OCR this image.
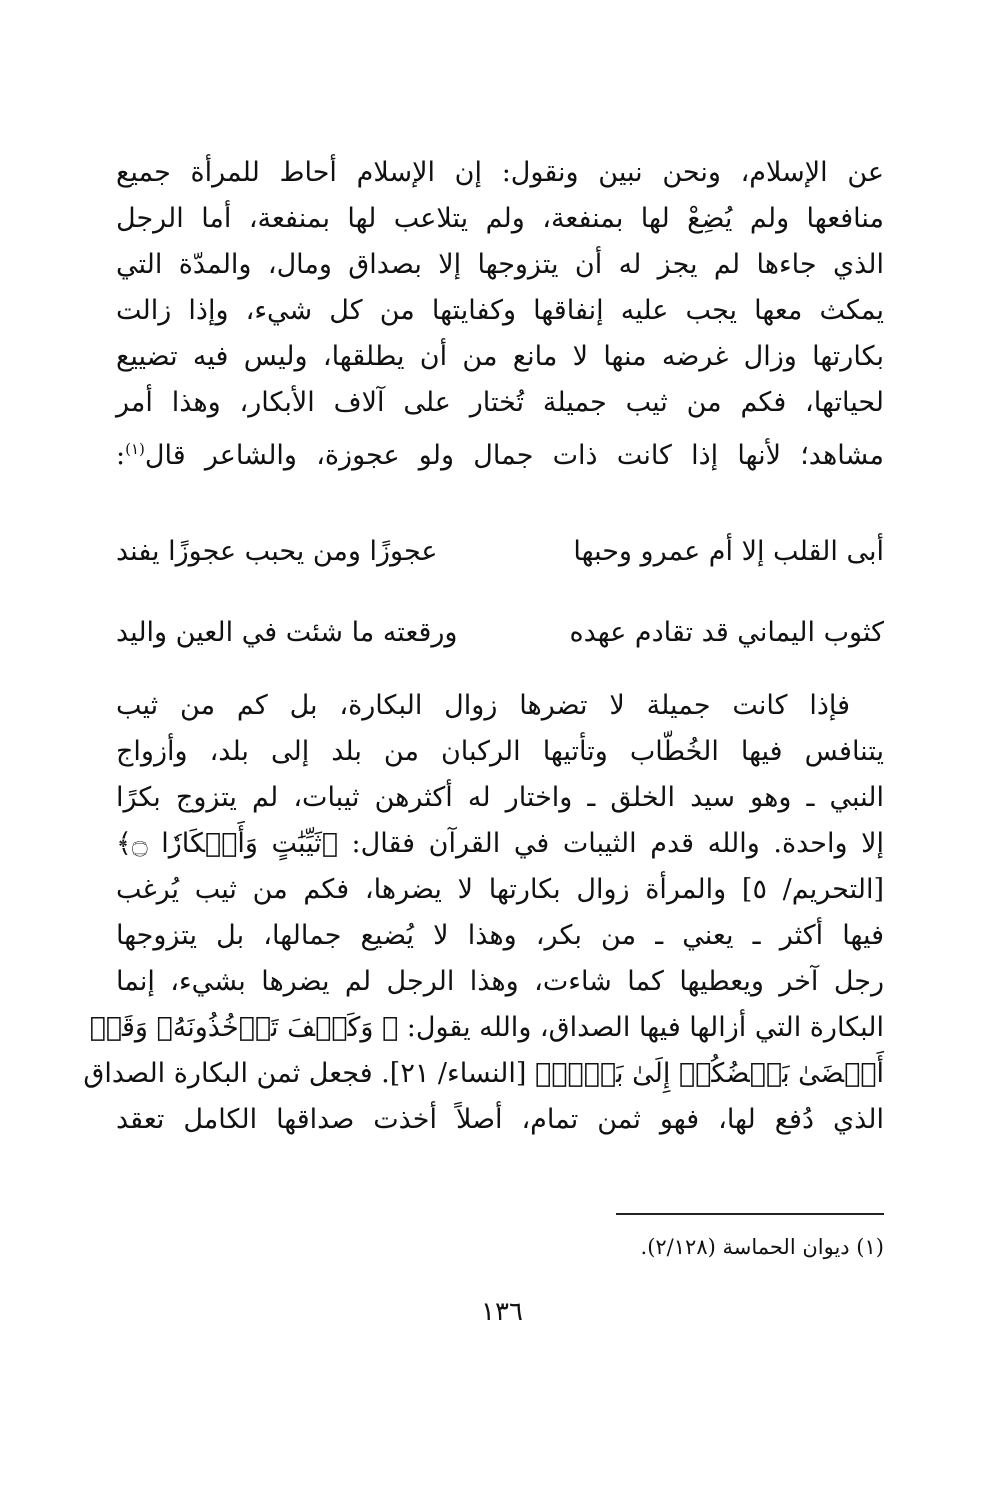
عن الإسلام، ونحن نبين ونقول: إن الإسلام أحاط للمرأة جميع
منافعها ولم يُضِعْ لها بمنفعة، ولم يتلاعب لها بمنفعة، أما الرجل
الذي جاءها لم يجز له أن يتزوجها إلا بصداق ومال، والمدّة التي
يمكث معها يجب عليه إنفاقها وكفايتها من كل شيء، وإذا زالت
بكارتها وزال غرضه منها لا مانع من أن يطلقها، وليس فيه تضييع
لحياتها، فكم من ثيب جميلة تُختار على آلاف الأبكار، وهذا أمر
مشاهد؛ لأنها إذا كانت ذات جمال ولو عجوزة، والشاعر قال$^{(١)}$:
أبى القلب إلا أم عمرو وحبها
عجوزًا ومن يحبب عجوزًا يفند
كثوب اليماني قد تقادم عهده
ورقعته ما شئت في العين واليد
فإذا كانت جميلة لا تضرها زوال البكارة، بل كم من ثيب
يتنافس فيها الخُطّاب وتأتيها الركبان من بلد إلى بلد، وأزواج
النبي ـ وهو سيد الخلق ـ واختار له أكثرهن ثيبات، لم يتزوج بكرًا
إلا واحدة. والله قدم الثيبات في القرآن فقال: ﴿ثَيِّبَٰتٍ وَأَبۡكَارٗا ۝﴾
[التحريم/ ٥] والمرأة زوال بكارتها لا يضرها، فكم من ثيب يُرغب
فيها أكثر ـ يعني ـ من بكر، وهذا لا يُضيع جمالها، بل يتزوجها
رجل آخر ويعطيها كما شاءت، وهذا الرجل لم يضرها بشيء، إنما
البكارة التي أزالها فيها الصداق، والله يقول: ﴿ وَكَيۡفَ تَأۡخُذُونَهُۥ وَقَدۡ
أَفۡضَىٰ بَعۡضُكُمۡ إِلَىٰ بَعۡضٖ﴾ [النساء/ ٢١]. فجعل ثمن البكارة الصداق
الذي دُفع لها، فهو ثمن تمام، أصلاً أخذت صداقها الكامل تعقد
(١) ديوان الحماسة (٢/١٢٨).
١٣٦
